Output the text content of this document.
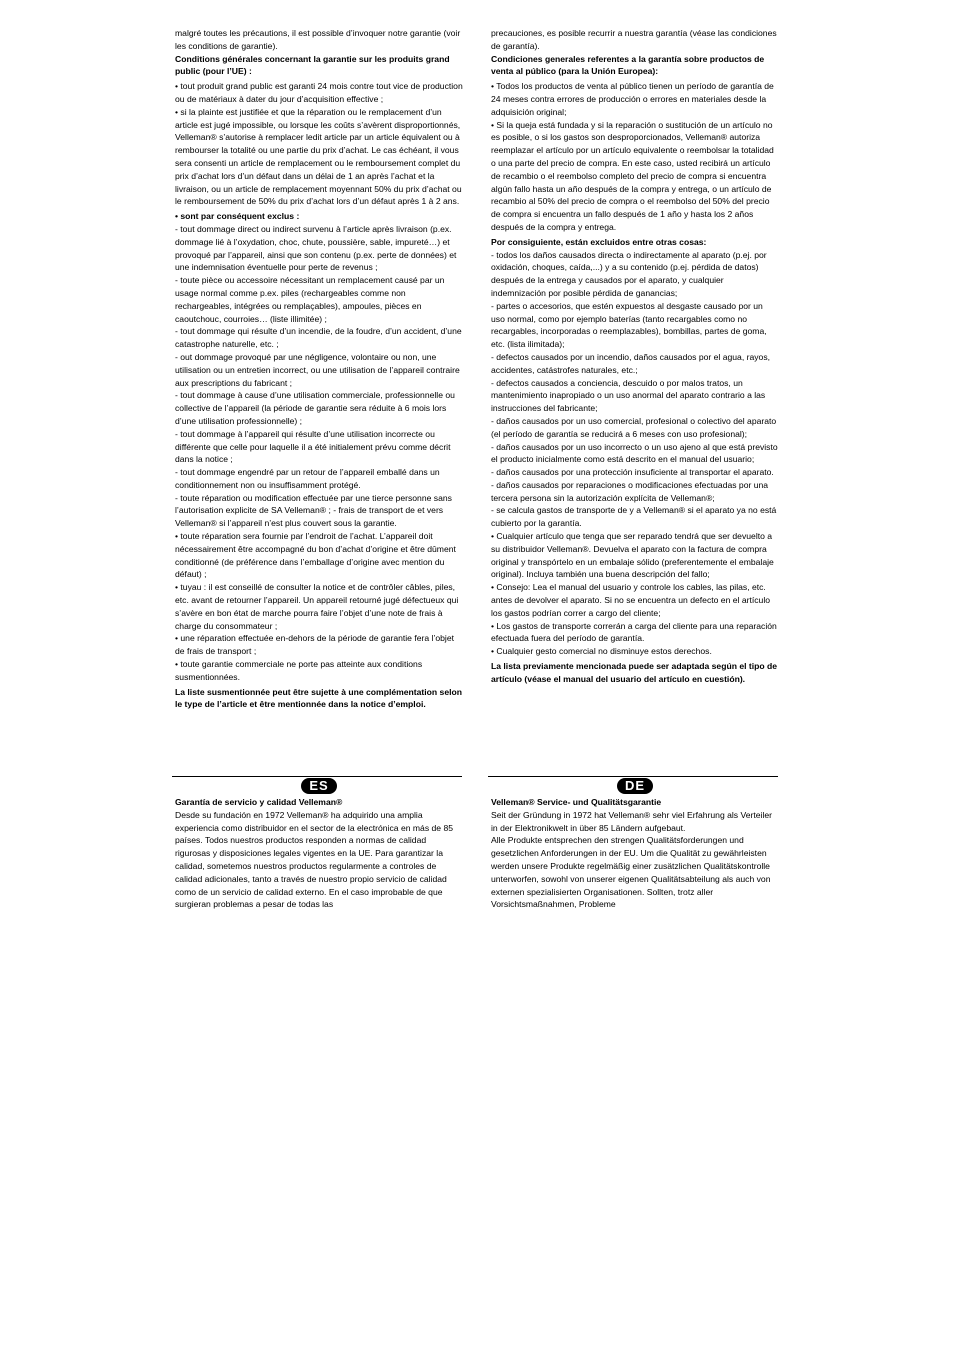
malgré toutes les précautions, il est possible d’invoquer notre garantie (voir les conditions de garantie).

Conditions générales concernant la garantie sur les produits grand public (pour l’UE) :

• tout produit grand public est garanti 24 mois contre tout vice de production ou de matériaux à dater du jour d’acquisition effective ;

• si la plainte est justifiée et que la réparation ou le remplacement d’un article est jugé impossible, ou lorsque les coûts s’avèrent disproportionnés, Velleman® s’autorise à remplacer ledit article par un article équivalent ou à rembourser la totalité ou une partie du prix d’achat. Le cas échéant, il vous sera consenti un article de remplacement ou le remboursement complet du prix d’achat lors d’un défaut dans un délai de 1 an après l’achat et la livraison, ou un article de remplacement moyennant 50% du prix d’achat ou le remboursement de 50% du prix d’achat lors d’un défaut après 1 à 2 ans.

• sont par conséquent exclus :

- tout dommage direct ou indirect survenu à l’article après livraison (p.ex. dommage lié à l’oxydation, choc, chute, poussière, sable, impureté…) et provoqué par l’appareil, ainsi que son contenu (p.ex. perte de données) et une indemnisation éventuelle pour perte de revenus ;

- toute pièce ou accessoire nécessitant un remplacement causé par un usage normal comme p.ex. piles (rechargeables comme non rechargeables, intégrées ou remplaçables), ampoules, pièces en caoutchouc, courroies… (liste illimitée) ;

- tout dommage qui résulte d’un incendie, de la foudre, d’un accident, d’une catastrophe naturelle, etc. ;

- out dommage provoqué par une négligence, volontaire ou non, une utilisation ou un entretien incorrect, ou une utilisation de l’appareil contraire aux prescriptions du fabricant ;

- tout dommage à cause d’une utilisation commerciale, professionnelle ou collective de l’appareil (la période de garantie sera réduite à 6 mois lors d’une utilisation professionnelle) ;

- tout dommage à l’appareil qui résulte d’une utilisation incorrecte ou différente que celle pour laquelle il a été initialement prévu comme décrit dans la notice ;

- tout dommage engendré par un retour de l’appareil emballé dans un conditionnement non ou insuffisamment protégé.

- toute réparation ou modification effectuée par une tierce personne sans l’autorisation explicite de SA Velleman® ; - frais de transport de et vers Velleman® si l’appareil n’est plus couvert sous la garantie.

• toute réparation sera fournie par l’endroit de l’achat. L’appareil doit nécessairement être accompagné du bon d’achat d’origine et être dûment conditionné (de préférence dans l’emballage d’origine avec mention du défaut) ;

• tuyau : il est conseillé de consulter la notice et de contrôler câbles, piles, etc. avant de retourner l’appareil. Un appareil retourné jugé défectueux qui s’avère en bon état de marche pourra faire l’objet d’une note de frais à charge du consommateur ;

• une réparation effectuée en-dehors de la période de garantie fera l’objet de frais de transport ;

• toute garantie commerciale ne porte pas atteinte aux conditions susmentionnées.

La liste susmentionnée peut être sujette à une complémentation selon le type de l’article et être mentionnée dans la notice d’emploi.

precauciones, es posible recurrir a nuestra garantía (véase las condiciones de garantía).

Condiciones generales referentes a la garantía sobre productos de venta al público (para la Unión Europea):

• Todos los productos de venta al público tienen un período de garantía de 24 meses contra errores de producción o errores en materiales desde la adquisición original;

• Si la queja está fundada y si la reparación o sustitución de un artículo no es posible, o si los gastos son desproporcionados, Velleman® autoriza reemplazar el artículo por un artículo equivalente o reembolsar la totalidad o una parte del precio de compra. En este caso, usted recibirá un artículo de recambio o el reembolso completo del precio de compra si encuentra algún fallo hasta un año después de la compra y entrega, o un artículo de recambio al 50% del precio de compra o el reembolso del 50% del precio de compra si encuentra un fallo después de 1 año y hasta los 2 años después de la compra y entrega.

Por consiguiente, están excluidos entre otras cosas:

- todos los daños causados directa o indirectamente al aparato (p.ej. por oxidación, choques, caída,...) y a su contenido (p.ej. pérdida de datos) después de la entrega y causados por el aparato, y cualquier indemnización por posible pérdida de ganancias;

- partes o accesorios, que estén expuestos al desgaste causado por un uso normal, como por ejemplo baterías (tanto recargables como no recargables, incorporadas o reemplazables), bombillas, partes de goma, etc. (lista ilimitada);

- defectos causados por un incendio, daños causados por el agua, rayos, accidentes, catástrofes naturales, etc.;

- defectos causados a conciencia, descuido o por malos tratos, un mantenimiento inapropiado o un uso anormal del aparato contrario a las instrucciones del fabricante;

- daños causados por un uso comercial, profesional o colectivo del aparato (el período de garantía se reducirá a 6 meses con uso profesional);

- daños causados por un uso incorrecto o un uso ajeno al que está previsto el producto inicialmente como está descrito en el manual del usuario;

- daños causados por una protección insuficiente al transportar el aparato.

- daños causados por reparaciones o modificaciones efectuadas por una tercera persona sin la autorización explícita de Velleman®;

- se calcula gastos de transporte de y a Velleman® si el aparato ya no está cubierto por la garantía.

• Cualquier artículo que tenga que ser reparado tendrá que ser devuelto a su distribuidor Velleman®. Devuelva el aparato con la factura de compra original y transpórtelo en un embalaje sólido (preferentemente el embalaje original). Incluya también una buena descripción del fallo;

• Consejo: Lea el manual del usuario y controle los cables, las pilas, etc. antes de devolver el aparato. Si no se encuentra un defecto en el artículo los gastos podrían correr a cargo del cliente;

• Los gastos de transporte correrán a carga del cliente para una reparación efectuada fuera del período de garantía.

• Cualquier gesto comercial no disminuye estos derechos.

La lista previamente mencionada puede ser adaptada según el tipo de artículo (véase el manual del usuario del artículo en cuestión).

ES

Garantía de servicio y calidad Velleman®

Desde su fundación en 1972 Velleman® ha adquirido una amplia experiencia como distribuidor en el sector de la electrónica en más de 85 países. Todos nuestros productos responden a normas de calidad rigurosas y disposiciones legales vigentes en la UE. Para garantizar la calidad, sometemos nuestros productos regularmente a controles de calidad adicionales, tanto a través de nuestro propio servicio de calidad como de un servicio de calidad externo. En el caso improbable de que surgieran problemas a pesar de todas las

DE

Velleman® Service- und Qualitätsgarantie

Seit der Gründung in 1972 hat Velleman® sehr viel Erfahrung als Verteiler in der Elektronikwelt in über 85 Ländern aufgebaut.

Alle Produkte entsprechen den strengen Qualitätsforderungen und gesetzlichen Anforderungen in der EU. Um die Qualität zu gewährleisten werden unsere Produkte regelmäßig einer zusätzlichen Qualitätskontrolle unterworfen, sowohl von unserer eigenen Qualitätsabteilung als auch von externen spezialisierten Organisationen. Sollten, trotz aller Vorsichtsmaßnahmen, Probleme
